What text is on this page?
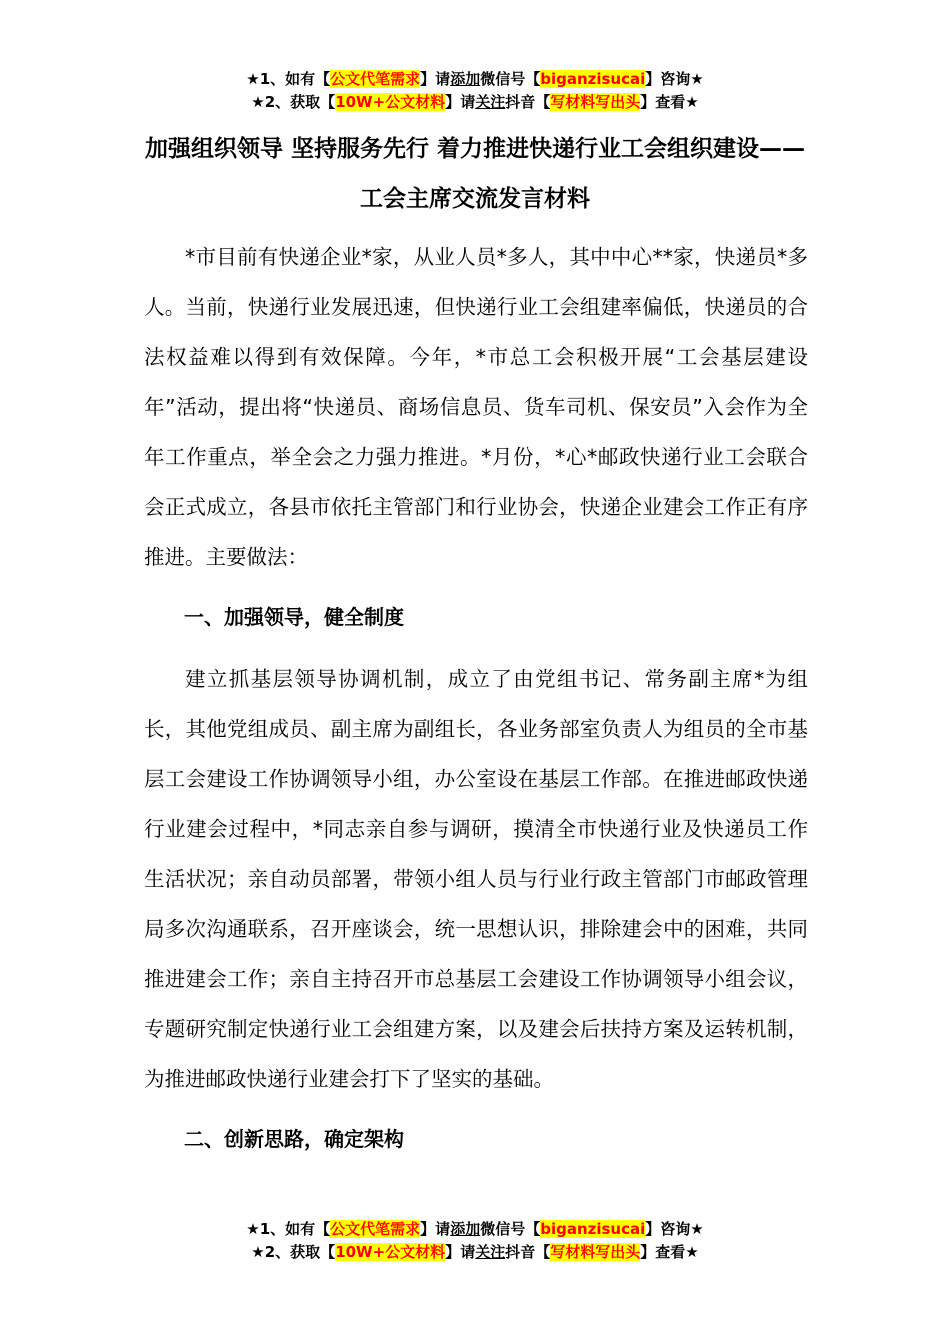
★1、如有【公文代笔需求】请添加微信号【biganzisucai】咨询★
★2、获取【10W+公文材料】请关注抖音【写材料写出头】查看★
加强组织领导 坚持服务先行 着力推进快递行业工会组织建设——工会主席交流发言材料

*市目前有快递企业*家，从业人员*多人，其中中心**家，快递员*多人。当前，快递行业发展迅速，但快递行业工会组建率偏低，快递员的合法权益难以得到有效保障。今年，*市总工会积极开展“工会基层建设年”活动，提出将“快递员、商场信息员、货车司机、保安员”入会作为全年工作重点，举全会之力强力推进。*月份，*心*邮政快递行业工会联合会正式成立，各县市依托主管部门和行业协会，快递企业建会工作正有序推进。主要做法：

一、加强领导，健全制度

建立抓基层领导协调机制，成立了由党组书记、常务副主席*为组长，其他党组成员、副主席为副组长，各业务部室负责人为组员的全市基层工会建设工作协调领导小组，办公室设在基层工作部。在推进邮政快递行业建会过程中，*同志亲自参与调研，摸清全市快递行业及快递员工作生活状况；亲自动员部署，带领小组人员与行业行政主管部门市邮政管理局多次沟通联系，召开座谈会，统一思想认识，排除建会中的困难，共同推进建会工作；亲自主持召开市总基层工会建设工作协调领导小组会议，专题研究制定快递行业工会组建方案，以及建会后扶持方案及运转机制，为推进邮政快递行业建会打下了坚实的基础。

二、创新思路，确定架构

★1、如有【公文代笔需求】请添加微信号【biganzisucai】咨询★
★2、获取【10W+公文材料】请关注抖音【写材料写出头】查看★
